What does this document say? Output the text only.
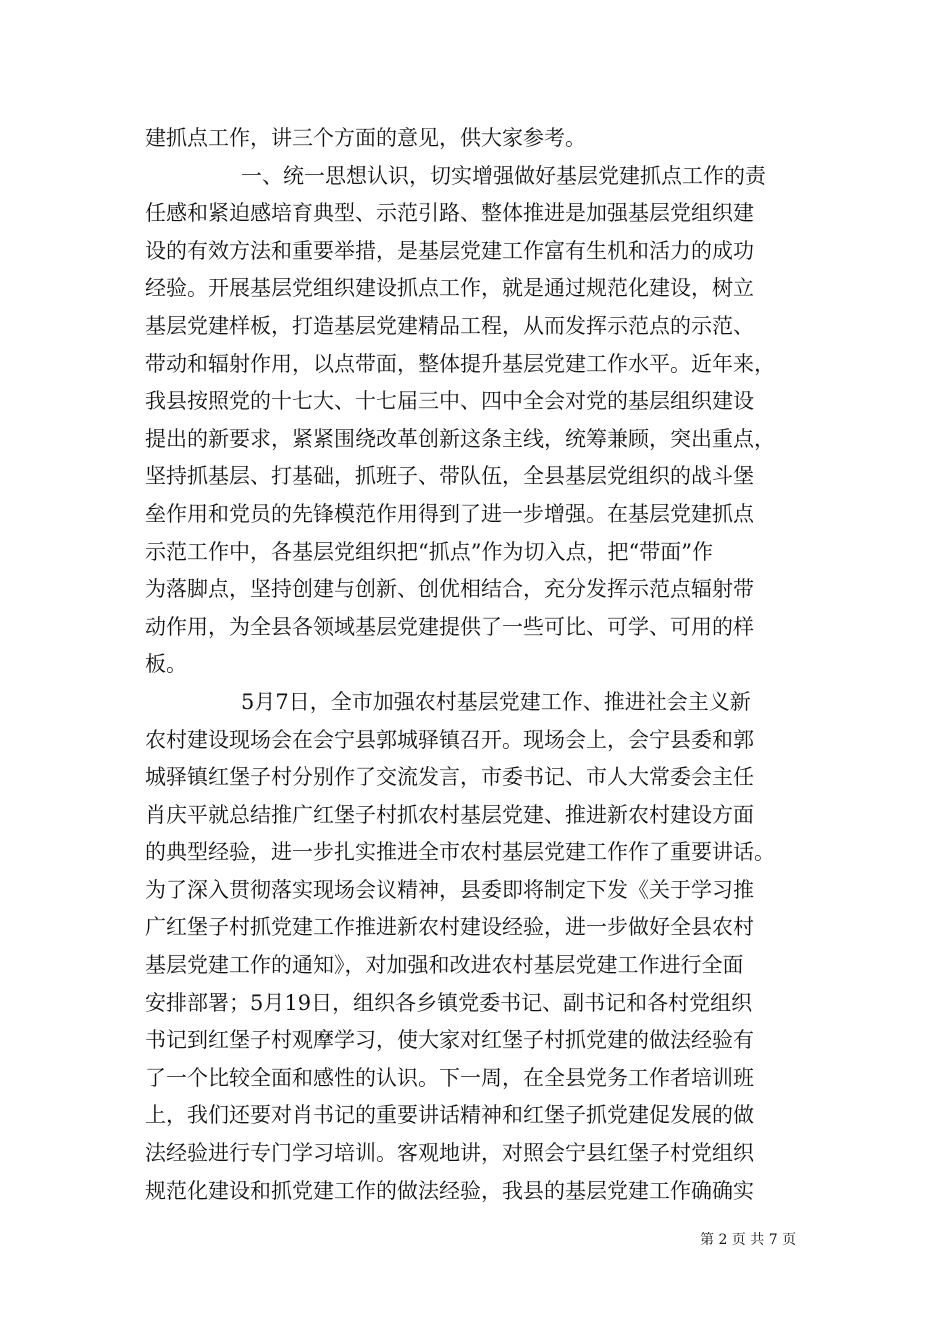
建抓点工作，讲三个方面的意见，供大家参考。
一、统一思想认识，切实增强做好基层党建抓点工作的责
任感和紧迫感培育典型、示范引路、整体推进是加强基层党组织建
设的有效方法和重要举措，是基层党建工作富有生机和活力的成功
经验。开展基层党组织建设抓点工作，就是通过规范化建设，树立
基层党建样板，打造基层党建精品工程，从而发挥示范点的示范、
带动和辐射作用，以点带面，整体提升基层党建工作水平。近年来，
我县按照党的十七大、十七届三中、四中全会对党的基层组织建设
提出的新要求，紧紧围绕改革创新这条主线，统筹兼顾，突出重点，
坚持抓基层、打基础，抓班子、带队伍，全县基层党组织的战斗堡
垒作用和党员的先锋模范作用得到了进一步增强。在基层党建抓点
示范工作中，各基层党组织把“抓点”作为切入点，把“带面”作
为落脚点，坚持创建与创新、创优相结合，充分发挥示范点辐射带
动作用，为全县各领域基层党建提供了一些可比、可学、可用的样
板。
5月7日，全市加强农村基层党建工作、推进社会主义新
农村建设现场会在会宁县郭城驿镇召开。现场会上，会宁县委和郭
城驿镇红堡子村分别作了交流发言，市委书记、市人大常委会主任
肖庆平就总结推广红堡子村抓农村基层党建、推进新农村建设方面
的典型经验，进一步扎实推进全市农村基层党建工作作了重要讲话。
为了深入贯彻落实现场会议精神，县委即将制定下发《关于学习推
广红堡子村抓党建工作推进新农村建设经验，进一步做好全县农村
基层党建工作的通知》，对加强和改进农村基层党建工作进行全面
安排部署；5月19日，组织各乡镇党委书记、副书记和各村党组织
书记到红堡子村观摩学习，使大家对红堡子村抓党建的做法经验有
了一个比较全面和感性的认识。下一周，在全县党务工作者培训班
上，我们还要对肖书记的重要讲话精神和红堡子抓党建促发展的做
法经验进行专门学习培训。客观地讲，对照会宁县红堡子村党组织
规范化建设和抓党建工作的做法经验，我县的基层党建工作确确实
第 2 页 共 7 页
